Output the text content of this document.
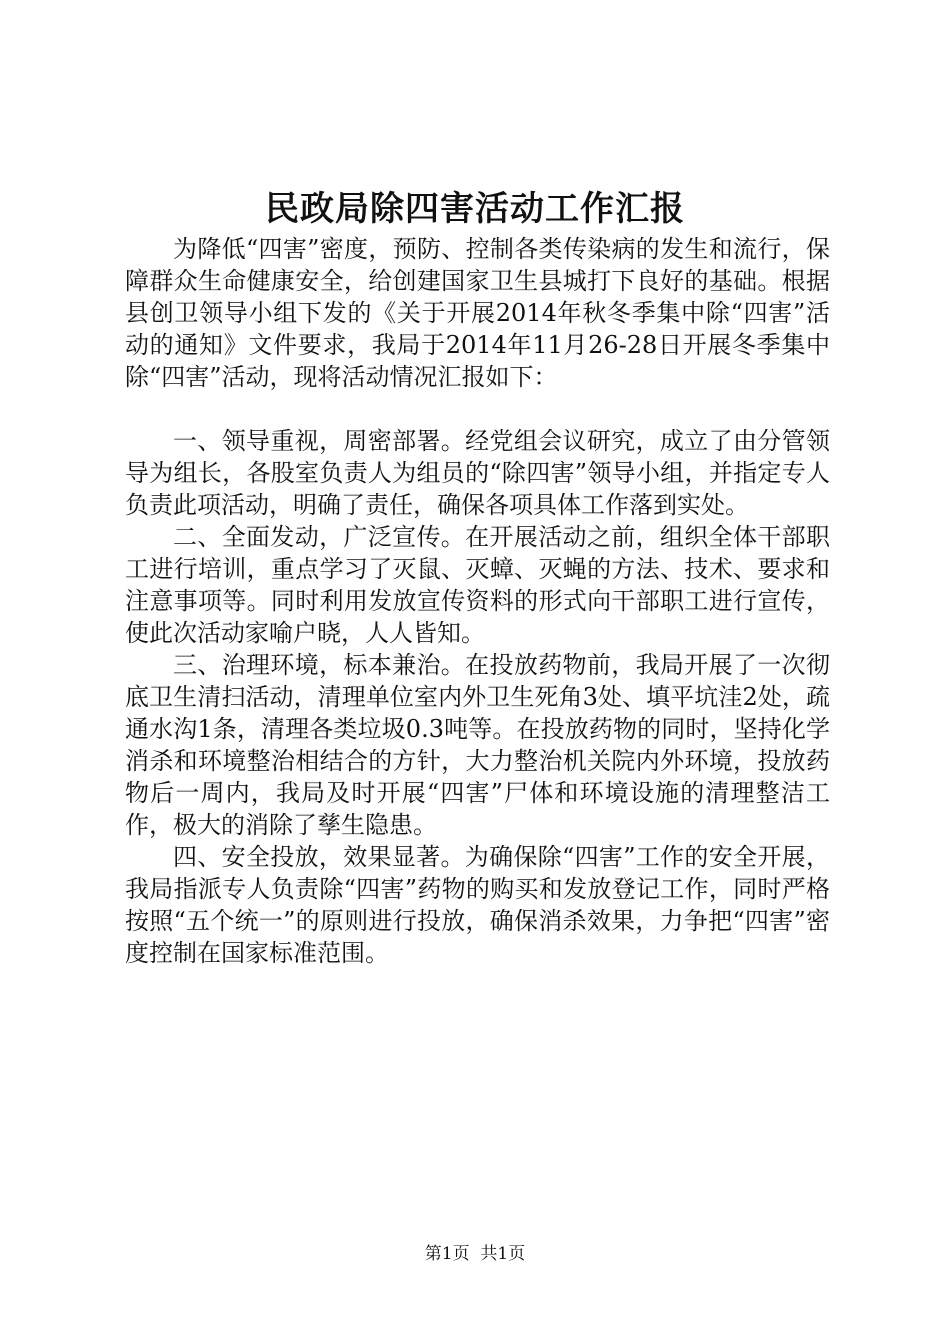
民政局除四害活动工作汇报

为降低“四害”密度，预防、控制各类传染病的发生和流行，保障群众生命健康安全，给创建国家卫生县城打下良好的基础。根据县创卫领导小组下发的《关于开展2014年秋冬季集中除“四害”活动的通知》文件要求，我局于2014年11月26-28日开展冬季集中除“四害”活动，现将活动情况汇报如下：

一、领导重视，周密部署。经党组会议研究，成立了由分管领导为组长，各股室负责人为组员的“除四害”领导小组，并指定专人负责此项活动，明确了责任，确保各项具体工作落到实处。

二、全面发动，广泛宣传。在开展活动之前，组织全体干部职工进行培训，重点学习了灭鼠、灭蟑、灭蝇的方法、技术、要求和注意事项等。同时利用发放宣传资料的形式向干部职工进行宣传，使此次活动家喻户晓，人人皆知。

三、治理环境，标本兼治。在投放药物前，我局开展了一次彻底卫生清扫活动，清理单位室内外卫生死角3处、填平坑洼2处，疏通水沟1条，清理各类垃圾0.3吨等。在投放药物的同时，坚持化学消杀和环境整治相结合的方针，大力整治机关院内外环境，投放药物后一周内，我局及时开展“四害”尸体和环境设施的清理整洁工作，极大的消除了孳生隐患。

四、安全投放，效果显著。为确保除“四害”工作的安全开展，我局指派专人负责除“四害”药物的购买和发放登记工作，同时严格按照“五个统一”的原则进行投放，确保消杀效果，力争把“四害”密度控制在国家标准范围。

第1页 共1页
